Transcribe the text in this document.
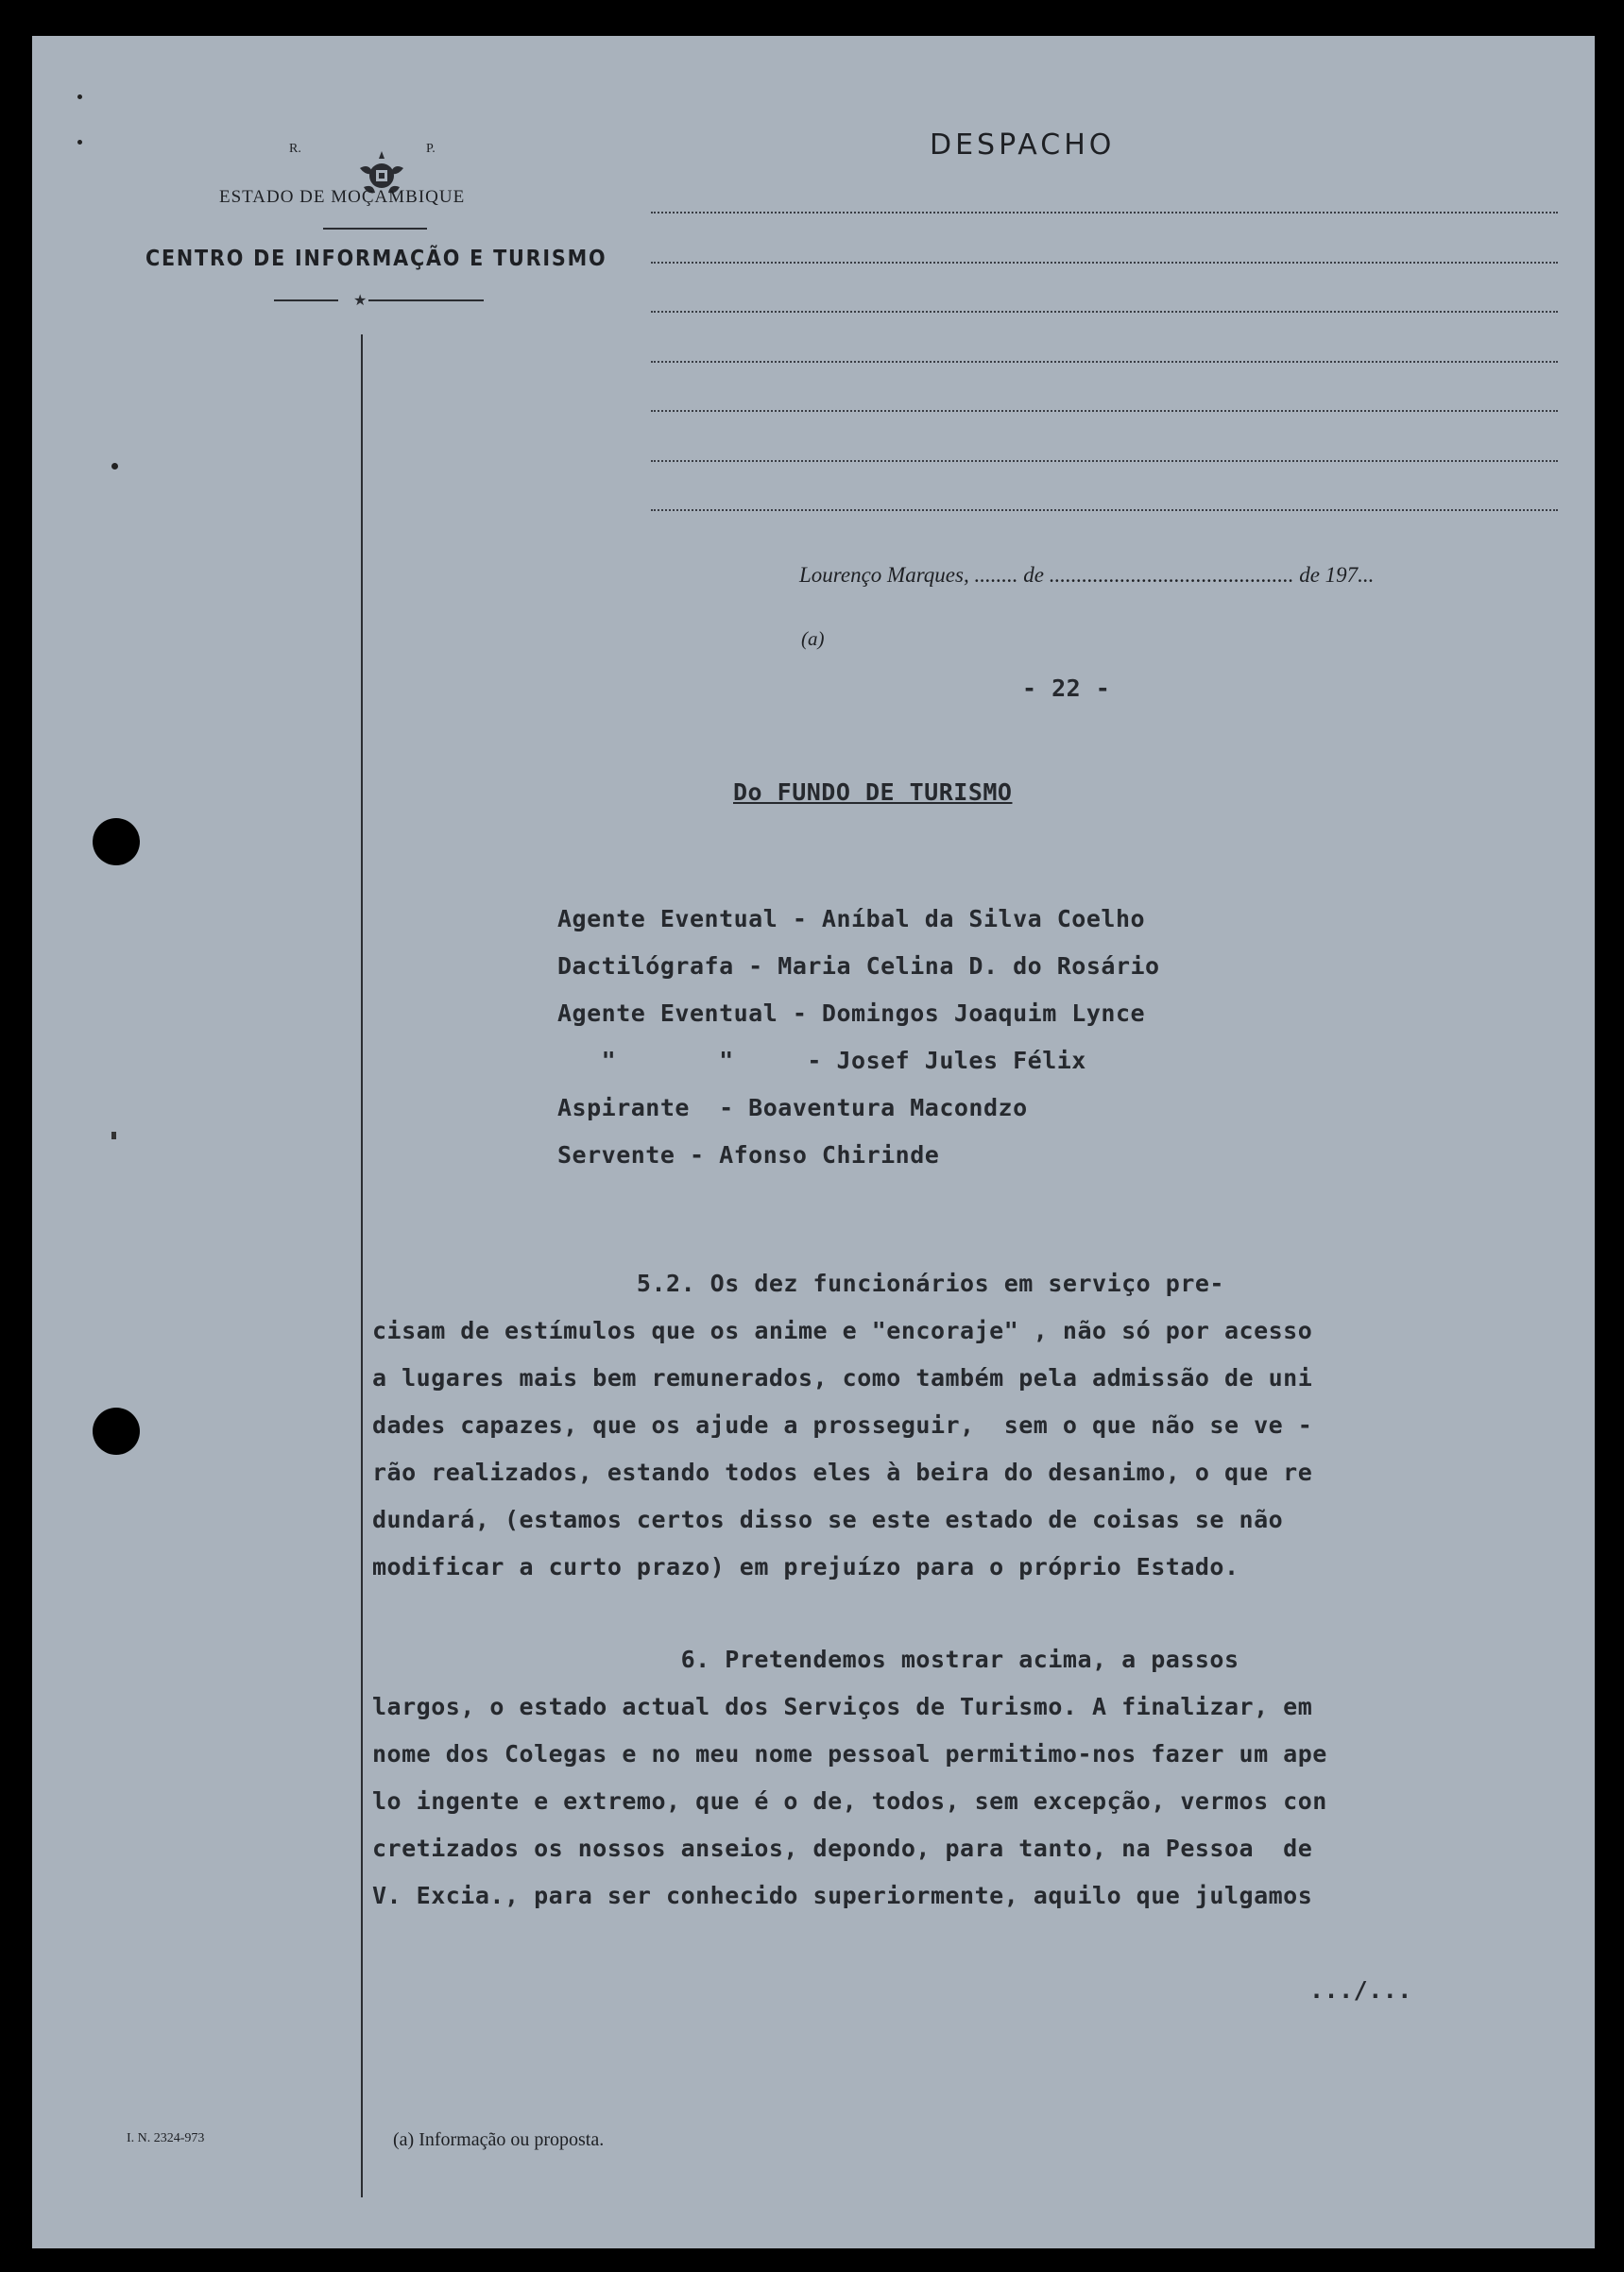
R.	P.
ESTADO DE MOÇAMBIQUE
CENTRO DE INFORMAÇÃO E TURISMO
★
DESPACHO
Lourenço Marques, ........ de ............................................. de 197...
(a)
- 22 -
Do FUNDO DE TURISMO
Agente Eventual - Aníbal da Silva Coelho
Dactilógrafa - Maria Celina D. do Rosário
Agente Eventual - Domingos Joaquim Lynce
"       "     - Josef Jules Félix
Aspirante  - Boaventura Macondzo
Servente - Afonso Chirinde
5.2. Os dez funcionários em serviço pre-
cisam de estímulos que os anime e "encoraje" , não só por acesso
a lugares mais bem remunerados, como também pela admissão de uni
dades capazes, que os ajude a prosseguir,  sem o que não se ve -
rão realizados, estando todos eles à beira do desanimo, o que re
dundará, (estamos certos disso se este estado de coisas se não
modificar a curto prazo) em prejuízo para o próprio Estado.
6. Pretendemos mostrar acima, a passos
largos, o estado actual dos Serviços de Turismo. A finalizar, em
nome dos Colegas e no meu nome pessoal permitimo-nos fazer um ape
lo ingente e extremo, que é o de, todos, sem excepção, vermos con
cretizados os nossos anseios, depondo, para tanto, na Pessoa  de
V. Excia., para ser conhecido superiormente, aquilo que julgamos
.../...
I. N. 2324-973	(a) Informação ou proposta.
